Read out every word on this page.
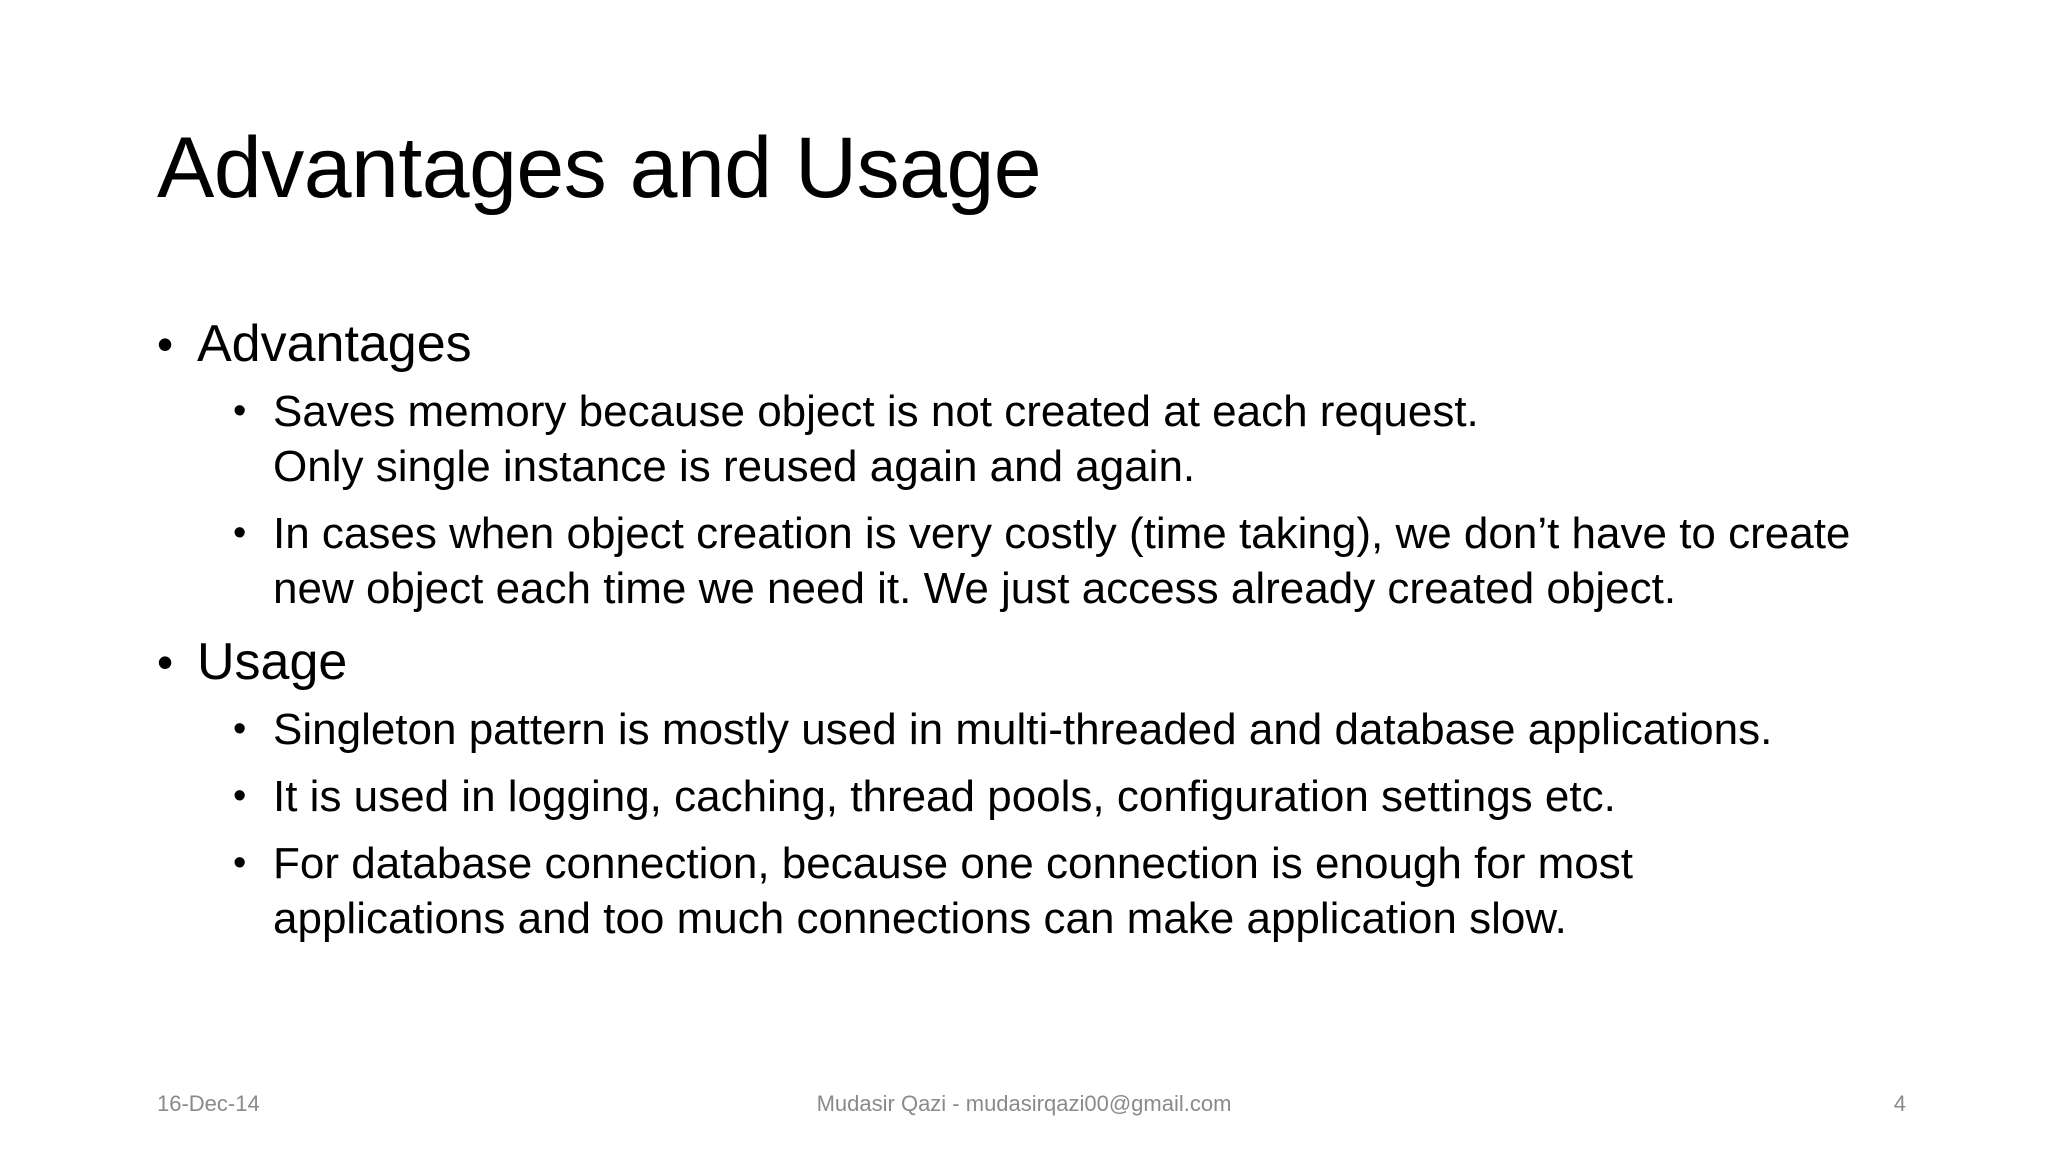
Advantages and Usage
• Advantages
• Saves memory because object is not created at each request. Only single instance is reused again and again.
• In cases when object creation is very costly (time taking), we don’t have to create new object each time we need it. We just access already created object.
• Usage
• Singleton pattern is mostly used in multi-threaded and database applications.
• It is used in logging, caching, thread pools, configuration settings etc.
• For database connection, because one connection is enough for most applications and too much connections can make application slow.
16-Dec-14	Mudasir Qazi - mudasirqazi00@gmail.com	4
